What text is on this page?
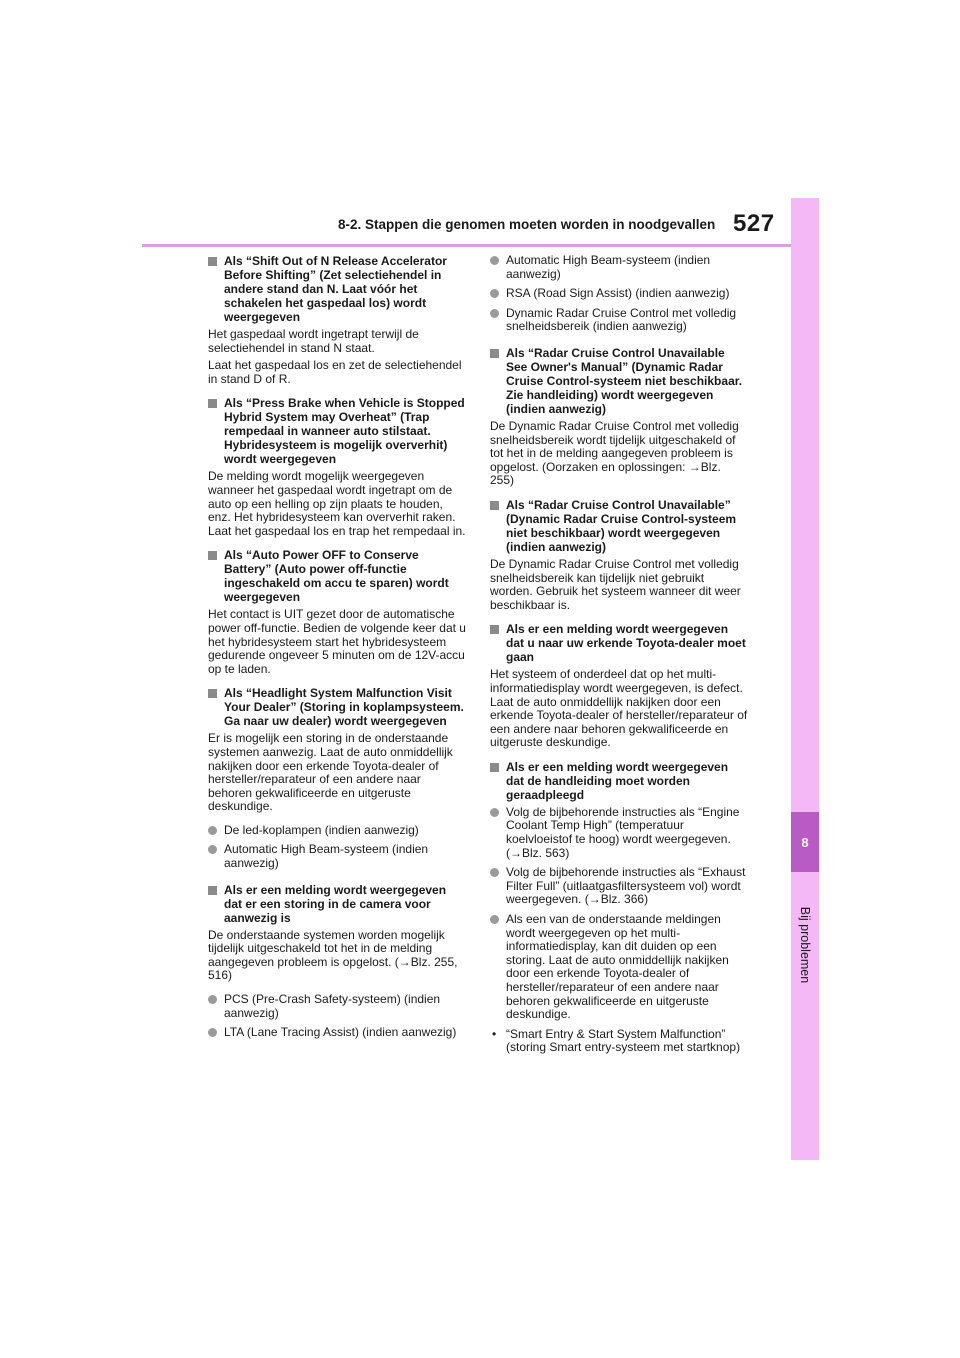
8-2. Stappen die genomen moeten worden in noodgevallen 527
8
Bij problemen
Als “Shift Out of N Release Accelerator Before Shifting” (Zet selectiehendel in andere stand dan N. Laat vóór het schakelen het gaspedaal los) wordt weergegeven

Het gaspedaal wordt ingetrapt terwijl de selectiehendel in stand N staat.

Laat het gaspedaal los en zet de selectiehendel in stand D of R.

Als “Press Brake when Vehicle is Stopped Hybrid System may Overheat” (Trap rempedaal in wanneer auto stilstaat. Hybridesysteem is mogelijk oververhit) wordt weergegeven

De melding wordt mogelijk weergegeven wanneer het gaspedaal wordt ingetrapt om de auto op een helling op zijn plaats te houden, enz. Het hybridesysteem kan oververhit raken. Laat het gaspedaal los en trap het rempedaal in.

Als “Auto Power OFF to Conserve Battery” (Auto power off-functie ingeschakeld om accu te sparen) wordt weergegeven

Het contact is UIT gezet door de automatische power off-functie. Bedien de volgende keer dat u het hybridesysteem start het hybridesysteem gedurende ongeveer 5 minuten om de 12V-accu op te laden.

Als “Headlight System Malfunction Visit Your Dealer” (Storing in koplampsysteem. Ga naar uw dealer) wordt weergegeven

Er is mogelijk een storing in de onderstaande systemen aanwezig. Laat de auto onmiddellijk nakijken door een erkende Toyota-dealer of hersteller/reparateur of een andere naar behoren gekwalificeerde en uitgeruste deskundige.

De led-koplampen (indien aanwezig)
Automatic High Beam-systeem (indien aanwezig)
Als er een melding wordt weergegeven dat er een storing in de camera voor aanwezig is

De onderstaande systemen worden mogelijk tijdelijk uitgeschakeld tot het in de melding aangegeven probleem is opgelost. (→Blz. 255, 516)

PCS (Pre-Crash Safety-systeem) (indien aanwezig)
LTA (Lane Tracing Assist) (indien aanwezig)
Automatic High Beam-systeem (indien aanwezig)
RSA (Road Sign Assist) (indien aanwezig)
Dynamic Radar Cruise Control met volledig snelheidsbereik (indien aanwezig)
Als “Radar Cruise Control Unavailable See Owner's Manual” (Dynamic Radar Cruise Control-systeem niet beschikbaar. Zie handleiding) wordt weergegeven (indien aanwezig)

De Dynamic Radar Cruise Control met volledig snelheidsbereik wordt tijdelijk uitgeschakeld of tot het in de melding aangegeven probleem is opgelost. (Oorzaken en oplossingen: →Blz. 255)

Als “Radar Cruise Control Unavailable” (Dynamic Radar Cruise Control-systeem niet beschikbaar) wordt weergegeven (indien aanwezig)

De Dynamic Radar Cruise Control met volledig snelheidsbereik kan tijdelijk niet gebruikt worden. Gebruik het systeem wanneer dit weer beschikbaar is.

Als er een melding wordt weergegeven dat u naar uw erkende Toyota-dealer moet gaan

Het systeem of onderdeel dat op het multi-informatiedisplay wordt weergegeven, is defect. Laat de auto onmiddellijk nakijken door een erkende Toyota-dealer of hersteller/reparateur of een andere naar behoren gekwalificeerde en uitgeruste deskundige.

Als er een melding wordt weergegeven dat de handleiding moet worden geraadpleegd
Volg de bijbehorende instructies als “Engine Coolant Temp High” (temperatuur koelvloeistof te hoog) wordt weergegeven. (→Blz. 563)
Volg de bijbehorende instructies als “Exhaust Filter Full” (uitlaatgasfiltersysteem vol) wordt weergegeven. (→Blz. 366)
Als een van de onderstaande meldingen wordt weergegeven op het multi-informatiedisplay, kan dit duiden op een storing. Laat de auto onmiddellijk nakijken door een erkende Toyota-dealer of hersteller/reparateur of een andere naar behoren gekwalificeerde en uitgeruste deskundige.
• “Smart Entry & Start System Malfunction” (storing Smart entry-systeem met startknop)
